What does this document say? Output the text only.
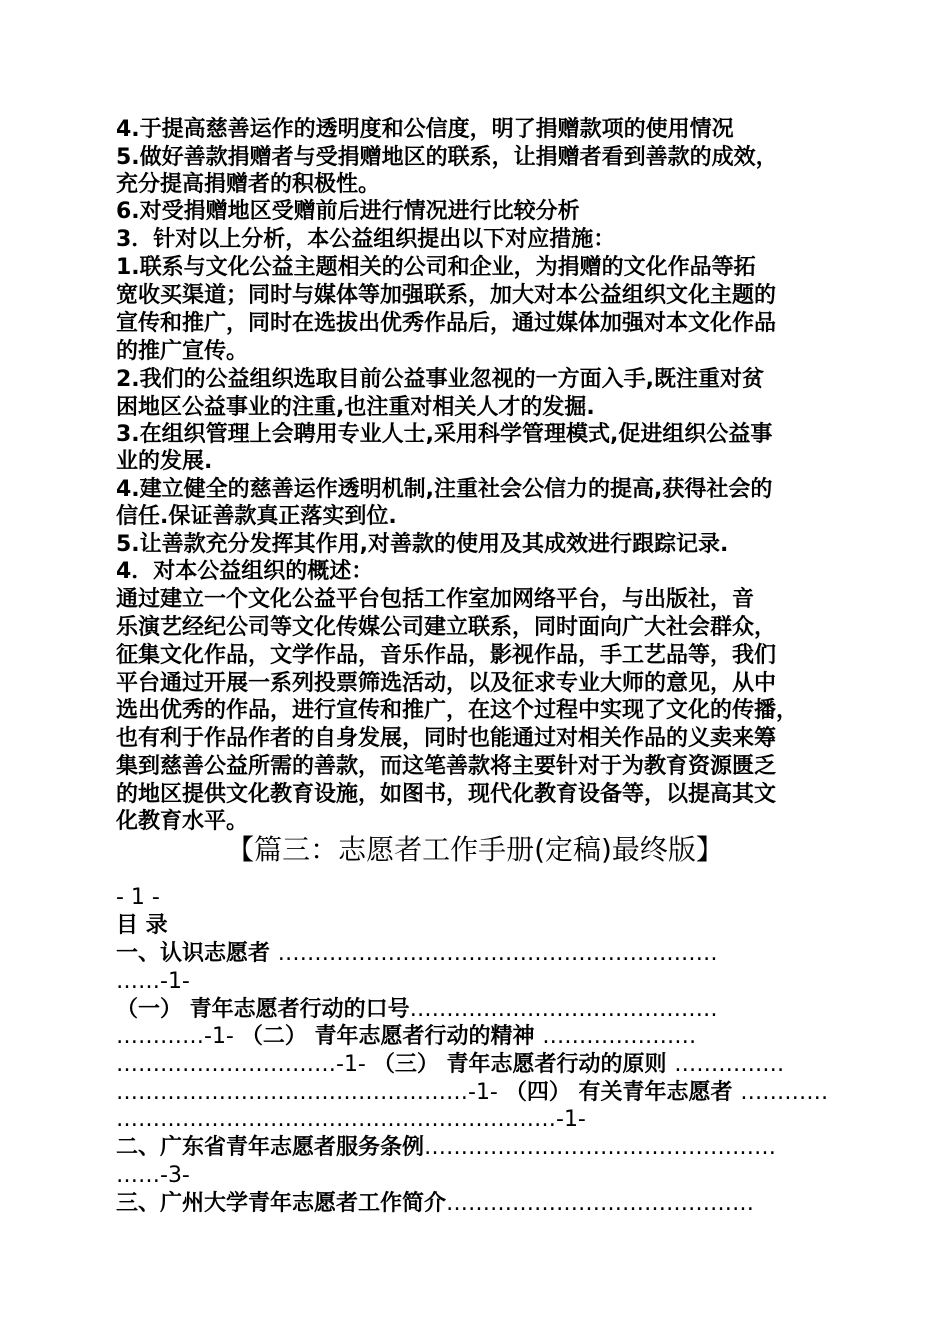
4.于提高慈善运作的透明度和公信度，明了捐赠款项的使用情况
5.做好善款捐赠者与受捐赠地区的联系，让捐赠者看到善款的成效，
充分提高捐赠者的积极性。
6.对受捐赠地区受赠前后进行情况进行比较分析
3．针对以上分析，本公益组织提出以下对应措施：
1.联系与文化公益主题相关的公司和企业，为捐赠的文化作品等拓
宽收买渠道；同时与媒体等加强联系，加大对本公益组织文化主题的
宣传和推广，同时在选拔出优秀作品后，通过媒体加强对本文化作品
的推广宣传。
2.我们的公益组织选取目前公益事业忽视的一方面入手,既注重对贫
困地区公益事业的注重,也注重对相关人才的发掘.
3.在组织管理上会聘用专业人士,采用科学管理模式,促进组织公益事
业的发展.
4.建立健全的慈善运作透明机制,注重社会公信力的提高,获得社会的
信任.保证善款真正落实到位.
5.让善款充分发挥其作用,对善款的使用及其成效进行跟踪记录.
4．对本公益组织的概述：
通过建立一个文化公益平台包括工作室加网络平台，与出版社，音
乐演艺经纪公司等文化传媒公司建立联系，同时面向广大社会群众，
征集文化作品，文学作品，音乐作品，影视作品，手工艺品等，我们
平台通过开展一系列投票筛选活动，以及征求专业大师的意见，从中
选出优秀的作品，进行宣传和推广，在这个过程中实现了文化的传播，
也有利于作品作者的自身发展，同时也能通过对相关作品的义卖来筹
集到慈善公益所需的善款，而这笔善款将主要针对于为教育资源匮乏
的地区提供文化教育设施，如图书，现代化教育设备等，以提高其文
化教育水平。
【篇三：志愿者工作手册(定稿)最终版】
- 1 -
目 录
一、认识志愿者 ……………………………………………………
……-1-
（一） 青年志愿者行动的口号……………………………………
…………-1- （二） 青年志愿者行动的精神 …………………
…………………………-1- （三） 青年志愿者行动的原则 ……………
…………………………………………-1- （四） 有关青年志愿者 …………
……………………………………………………-1-
二、广东省青年志愿者服务条例…………………………………………
……-3-
三、广州大学青年志愿者工作简介……………………………………
